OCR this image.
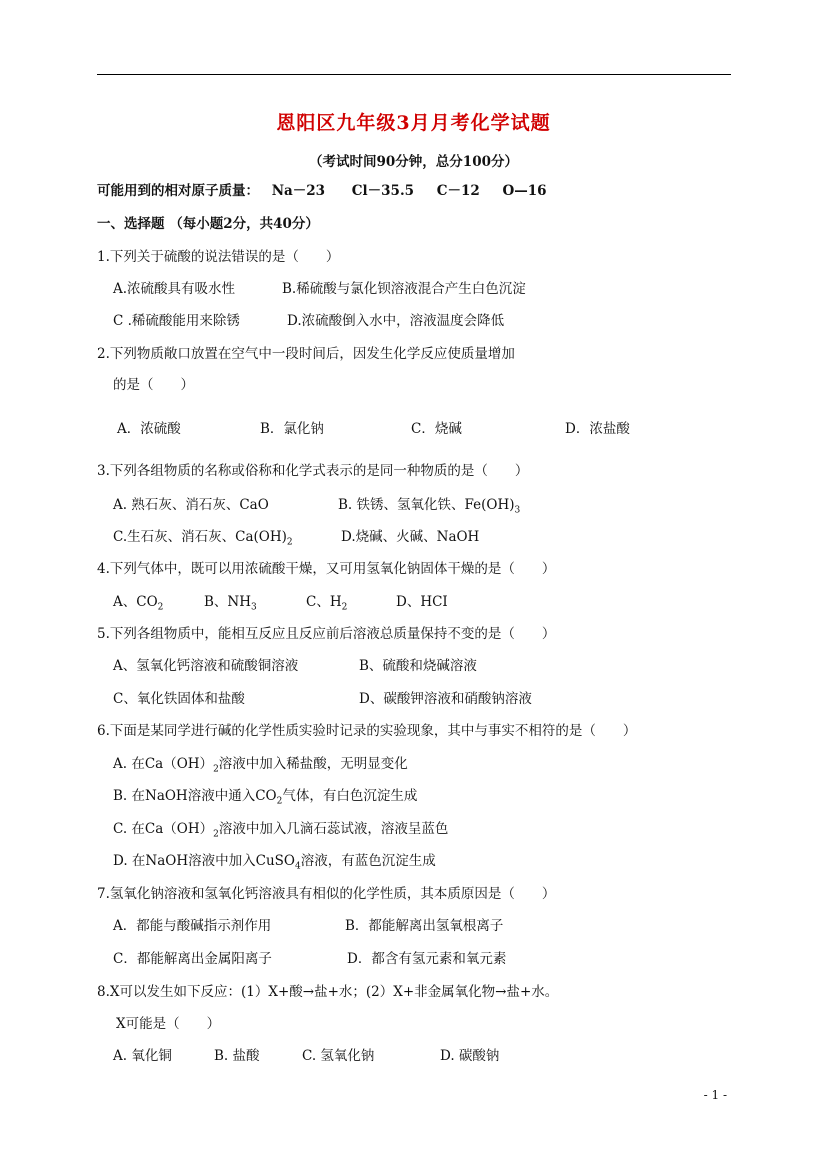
恩阳区九年级3月月考化学试题
（考试时间90分钟，总分100分）
可能用到的相对原子质量： Na－23 Cl－35.5 C－12 O—16
一、选择题 （每小题2分，共40分）
1.下列关于硫酸的说法错误的是（　　）
A.浓硫酸具有吸水性	B.稀硫酸与氯化钡溶液混合产生白色沉淀
C .稀硫酸能用来除锈	D.浓硫酸倒入水中，溶液温度会降低
2.下列物质敞口放置在空气中一段时间后，因发生化学反应使质量增加
的是（　　）
A．浓硫酸	B．氯化钠	C．烧碱	D．浓盐酸
3.下列各组物质的名称或俗称和化学式表示的是同一种物质的是（　　）
A. 熟石灰、消石灰、CaO	B. 铁锈、氢氧化铁、$Fe(OH)_3$
C.生石灰、消石灰、$Ca(OH)_2$	D.烧碱、火碱、NaOH
4.下列气体中，既可以用浓硫酸干燥，又可用氢氧化钠固体干燥的是（　　）
A、$CO_2$	B、$NH_3$	C、$H_2$	D、HCI
5.下列各组物质中，能相互反应且反应前后溶液总质量保持不变的是（　　）
A、氢氧化钙溶液和硫酸铜溶液	B、硫酸和烧碱溶液
C、氧化铁固体和盐酸	D、碳酸钾溶液和硝酸钠溶液
6.下面是某同学进行碱的化学性质实验时记录的实验现象，其中与事实不相符的是（　　）
A. 在$Ca(OH)_2$溶液中加入稀盐酸，无明显变化
B. 在NaOH溶液中通入$CO_2$气体，有白色沉淀生成
C. 在$Ca(OH)_2$溶液中加入几滴石蕊试液，溶液呈蓝色
D. 在NaOH溶液中加入CuSO$_4$溶液，有蓝色沉淀生成
7.氢氧化钠溶液和氢氧化钙溶液具有相似的化学性质，其本质原因是（　　）
A．都能与酸碱指示剂作用	B．都能解离出氢氧根离子
C．都能解离出金属阳离子	D．都含有氢元素和氧元素
8.X可以发生如下反应：(1）X+酸→盐+水；(2）X+非金属氧化物→盐+水。
X可能是（　　）
A. 氧化铜	B. 盐酸	C. 氢氧化钠	D. 碳酸钠
- 1 -
